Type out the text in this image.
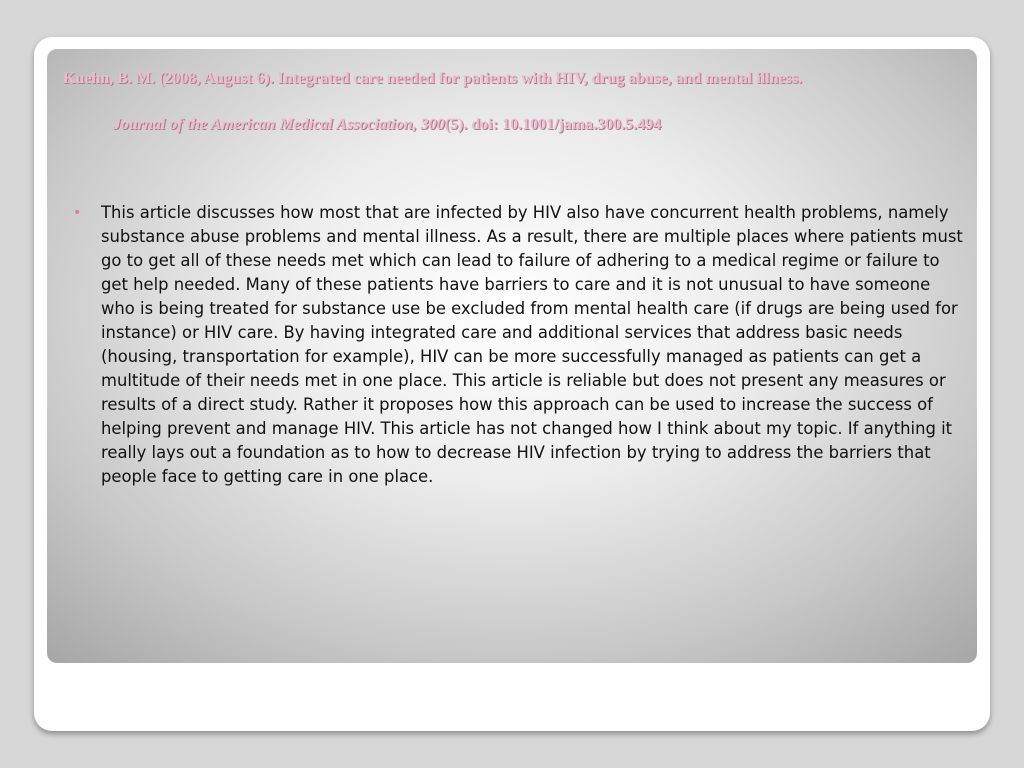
Kuehn, B. M. (2008, August 6). Integrated care needed for patients with HIV, drug abuse, and mental illness.
Journal of the American Medical Association, 300(5). doi: 10.1001/jama.300.5.494
• This article discusses how most that are infected by HIV also have concurrent health problems, namely substance abuse problems and mental illness. As a result, there are multiple places where patients must go to get all of these needs met which can lead to failure of adhering to a medical regime or failure to get help needed. Many of these patients have barriers to care and it is not unusual to have someone who is being treated for substance use be excluded from mental health care (if drugs are being used for instance) or HIV care. By having integrated care and additional services that address basic needs (housing, transportation for example), HIV can be more successfully managed as patients can get a multitude of their needs met in one place. This article is reliable but does not present any measures or results of a direct study. Rather it proposes how this approach can be used to increase the success of helping prevent and manage HIV. This article has not changed how I think about my topic. If anything it really lays out a foundation as to how to decrease HIV infection by trying to address the barriers that people face to getting care in one place.
